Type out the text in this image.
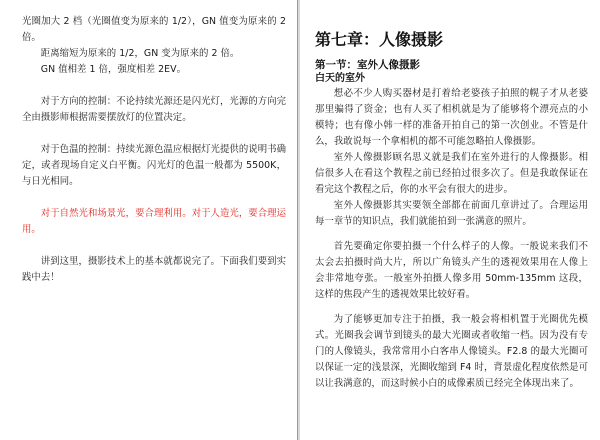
光圈加大 2 档（光圈值变为原来的 1/2），GN 值变为原来的 2 倍。

距离缩短为原来的 1/2，GN 变为原来的 2 倍。

GN 值相差 1 倍，强度相差 2EV。

对于方向的控制：不论持续光源还是闪光灯，光源的方向完全由摄影师根据需要摆放灯的位置决定。

对于色温的控制：持续光源色温应根据灯光提供的说明书确定，或者现场自定义白平衡。闪光灯的色温一般都为 5500K，与日光相同。

对于自然光和场景光，要合理利用。对于人造光，要合理运用。

讲到这里，摄影技术上的基本就都说完了。下面我们要到实践中去！

第七章：人像摄影
第一节：室外人像摄影
白天的室外

想必不少人购买器材是打着给老婆孩子拍照的幌子才从老婆那里骗得了资金；也有人买了相机就是为了能够将个漂亮点的小模特；也有像小韩一样的准备开拍自己的第一次创业。不管是什么，我敢说每一个拿相机的都不可能忽略拍人像摄影。

室外人像摄影顾名思义就是我们在室外进行的人像摄影。相信很多人在看这个教程之前已经拍过很多次了。但是我敢保证在看完这个教程之后，你的水平会有很大的进步。

室外人像摄影其实要领全部都在前面几章讲过了。合理运用每一章节的知识点，我们就能拍到一张满意的照片。

首先要确定你要拍摄一个什么样子的人像。一般说来我们不太会去拍摄时尚大片，所以广角镜头产生的透视效果用在人像上会非常地夸张。一般室外拍摄人像多用 50mm-135mm 这段，这样的焦段产生的透视效果比较好看。

为了能够更加专注于拍摄，我一般会将相机置于光圈优先模式。光圈我会调节到镜头的最大光圈或者收缩一档。因为没有专门的人像镜头，我常常用小白客串人像镜头。F2.8 的最大光圈可以保证一定的浅景深，光圈收缩到 F4 时，背景虚化程度依然是可以让我满意的，而这时候小白的成像素质已经完全体现出来了。
